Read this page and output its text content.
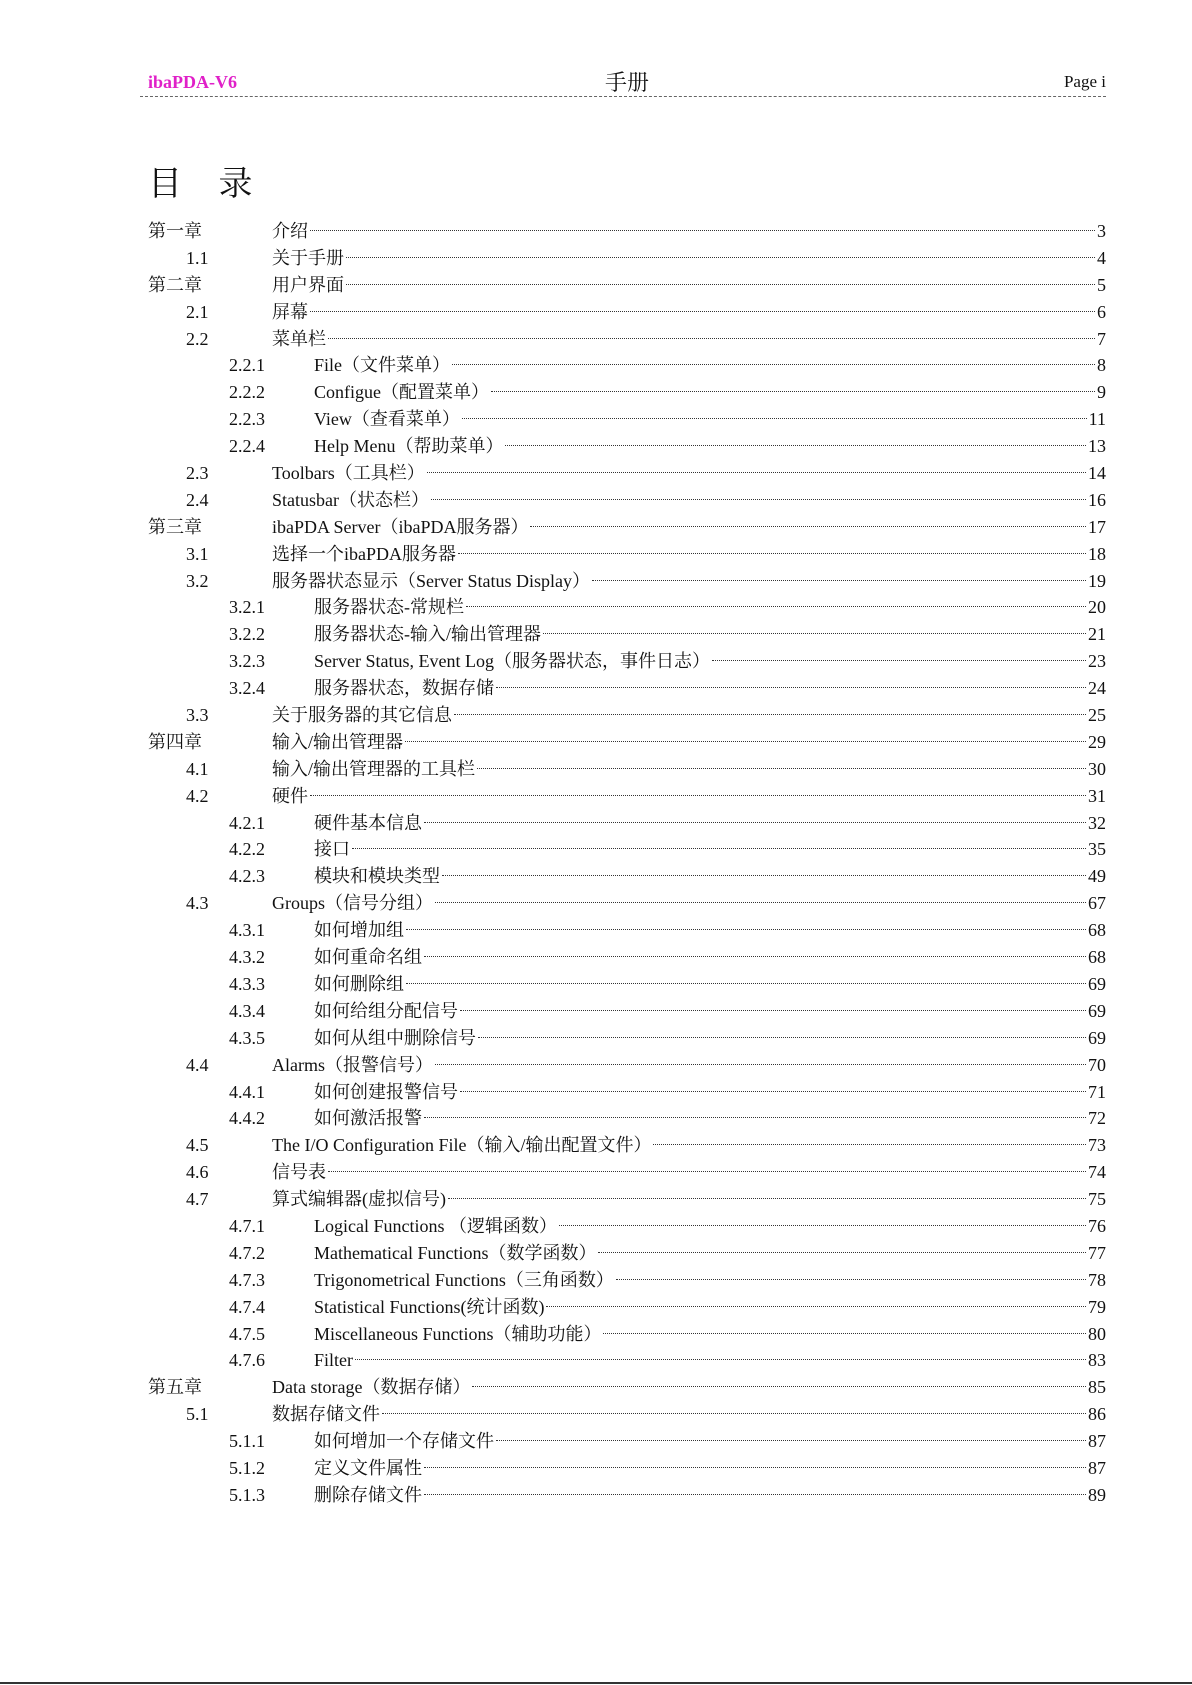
ibaPDA-V6	手册	Page i
目 录
第一章	介绍	3
1.1	关于手册	4
第二章	用户界面	5
2.1	屏幕	6
2.2	菜单栏	7
2.2.1	File（文件菜单）	8
2.2.2	Configue（配置菜单）	9
2.2.3	View（查看菜单）	11
2.2.4	Help Menu（帮助菜单）	13
2.3	Toolbars（工具栏）	14
2.4	Statusbar（状态栏）	16
第三章	ibaPDA Server（ibaPDA服务器）	17
3.1	选择一个ibaPDA服务器	18
3.2	服务器状态显示（Server Status Display）	19
3.2.1	服务器状态-常规栏	20
3.2.2	服务器状态-输入/输出管理器	21
3.2.3	Server Status, Event Log（服务器状态，事件日志）	23
3.2.4	服务器状态，数据存储	24
3.3	关于服务器的其它信息	25
第四章	输入/输出管理器	29
4.1	输入/输出管理器的工具栏	30
4.2	硬件	31
4.2.1	硬件基本信息	32
4.2.2	接口	35
4.2.3	模块和模块类型	49
4.3	Groups（信号分组）	67
4.3.1	如何增加组	68
4.3.2	如何重命名组	68
4.3.3	如何删除组	69
4.3.4	如何给组分配信号	69
4.3.5	如何从组中删除信号	69
4.4	Alarms（报警信号）	70
4.4.1	如何创建报警信号	71
4.4.2	如何激活报警	72
4.5	The I/O Configuration File（输入/输出配置文件）	73
4.6	信号表	74
4.7	算式编辑器(虚拟信号)	75
4.7.1	Logical Functions （逻辑函数）	76
4.7.2	Mathematical Functions（数学函数）	77
4.7.3	Trigonometrical Functions（三角函数）	78
4.7.4	Statistical Functions(统计函数)	79
4.7.5	Miscellaneous Functions（辅助功能）	80
4.7.6	Filter	83
第五章	Data storage（数据存储）	85
5.1	数据存储文件	86
5.1.1	如何增加一个存储文件	87
5.1.2	定义文件属性	87
5.1.3	删除存储文件	89
